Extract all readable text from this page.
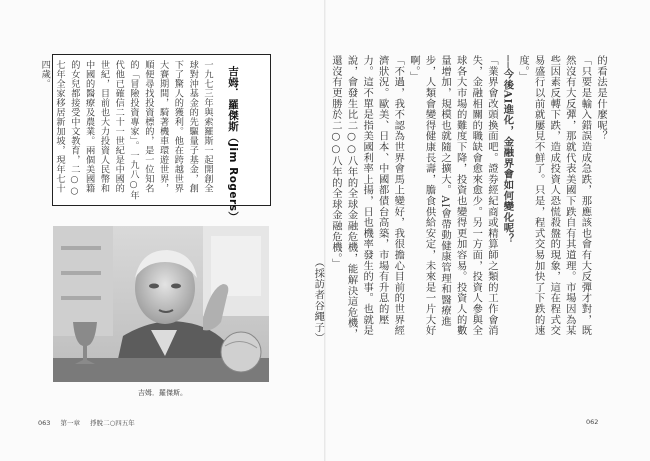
吉姆．羅傑斯（Jim Rogers）
一九七三年與索羅斯一起開創全球對沖基金的先驅量子基金，創下了驚人的獲利。他在跨越世界大賽期間，騎著機車環遊世界，順便尋找投資標的，是一位知名的「冒險投資專家」。一九八○年代他已確信二十一世紀是中國的世紀，目前也大力投資人民幣和中國的醫療及農業。兩個美國籍的女兒都接受中文教育，二○○七年全家移居新加坡，現年七十四歲。
吉姆．羅傑斯。

的看法是什麼呢？

「只要是輸入錯誤造成急跌，那應該也會有大反彈才對，既然沒有大反彈，那就代表美國下跌自有其道理。市場因為某些因素反轉下跌，造成投資人恐慌殺盤的現象，這在程式交易盛行以前就屢見不鮮了。只是，程式交易加快了下跌的速度。」

──今後AI進化，金融界會如何變化呢？

「業界會改頭換面吧。證券經紀商或精算師之類的工作會消失，金融相關的職缺會愈來愈少。另一方面，投資人參與全球各大市場的難度下降，投資也變得更加容易。投資人的數量增加，規模也就隨之擴大。AI會帶動健康管理和醫療進步，人類會變得健康長壽，膽食供給安定，未來是一片大好啊。」

「不過，我不認為世界會馬上變好，我很擔心目前的世界經濟狀況。歐美、日本、中國都債台高築，市場有升息的壓力。這不單是指美國利率上揚，日也機率發生的事。也就是說，會發生比二○○八年的全球金融危機，能解決這危機，還沒有更勝於二○○八年的全球金融危機。」

（採訪者谷繩子）

063 第一章 掙脫二○四五年	062
